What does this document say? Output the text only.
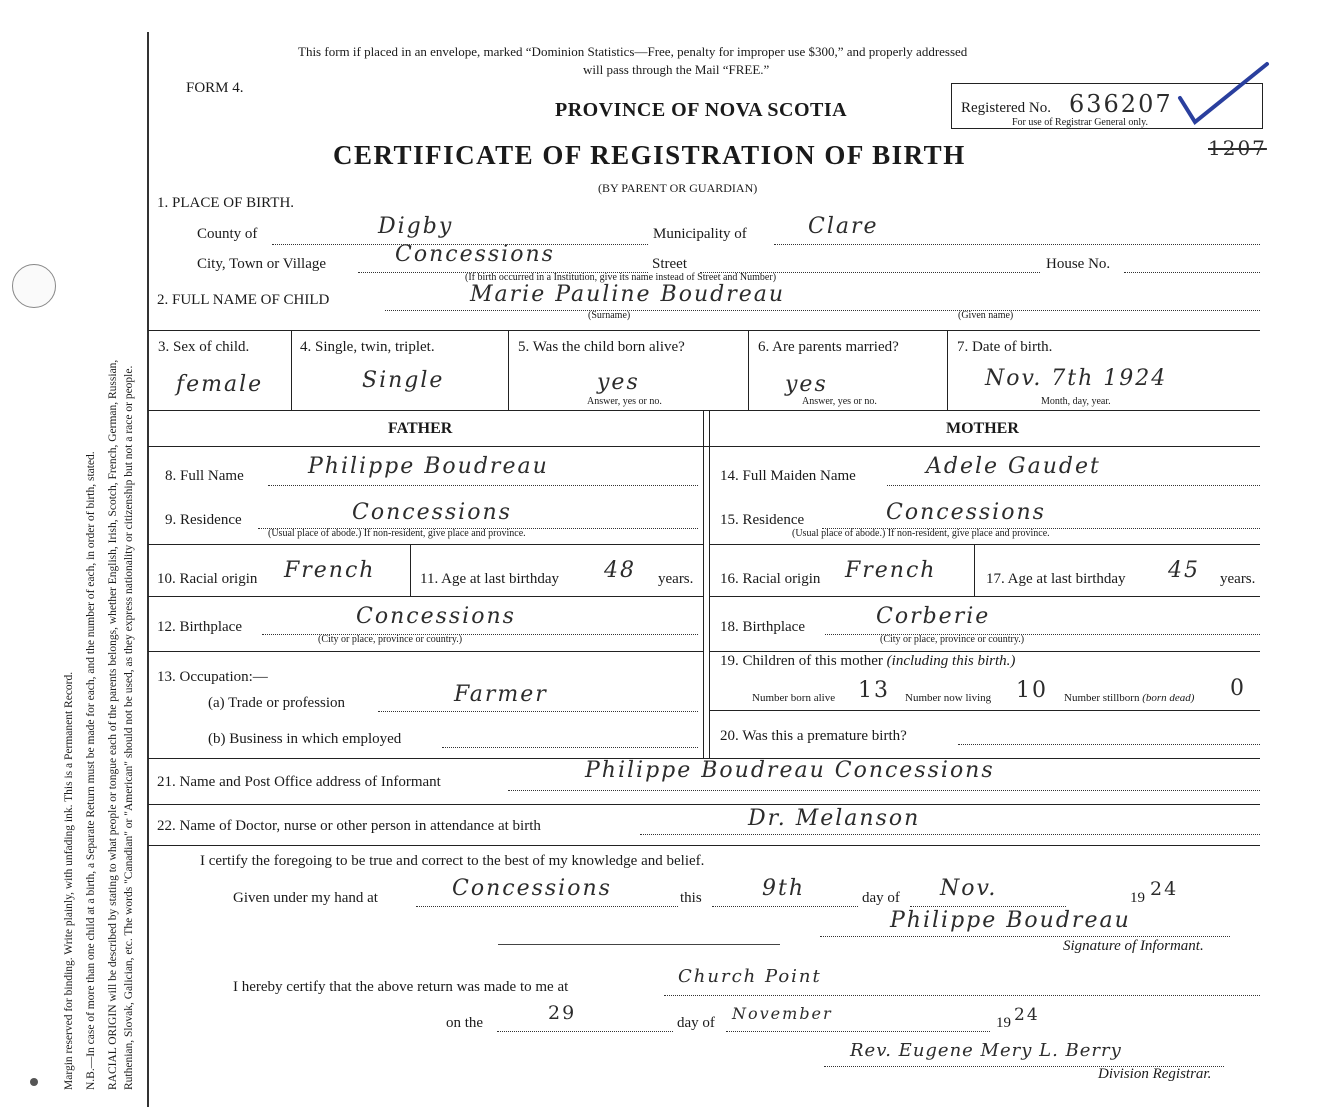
Margin reserved for binding. Write plainly, with unfading ink. This is a Permanent Record. N.B.—In case of more than one child at a birth, a Separate Return must be made for each, and the number of each, in order of birth, stated. RACIAL ORIGIN will be described by stating to what people or tongue each of the parents belongs, whether English, Irish, Scotch, French, German, Russian, Ruthenian, Slovak, Galician, etc. The words "Canadian" or "American" should not be used, as they express nationality or citizenship but not a race or people.
This form if placed in an envelope, marked “Dominion Statistics—Free, penalty for improper use $300,” and properly addressed
will pass through the Mail “FREE.”
FORM 4.
PROVINCE OF NOVA SCOTIA
CERTIFICATE OF REGISTRATION OF BIRTH
(BY PARENT OR GUARDIAN)
Registered No. 636207
For use of Registrar General only.
1207
1. PLACE OF BIRTH.
County of	Digby	Municipality of	Clare
City, Town or Village	Concessions	Street	House No.
(If birth occurred in a Institution, give its name instead of Street and Number)
2. FULL NAME OF CHILD	Marie Pauline Boudreau
(Surname)	(Given name)
3. Sex of child.
female
4. Single, twin, triplet.
Single
5. Was the child born alive?
yes
Answer, yes or no.
6. Are parents married?
yes
Answer, yes or no.
7. Date of birth.
Nov. 7th 1924
Month, day, year.
FATHER	MOTHER
8. Full Name	Philippe Boudreau
9. Residence	Concessions
(Usual place of abode.) If non-resident, give place and province.
10. Racial origin French	11. Age at last birthday 48 years.
12. Birthplace	Concessions
(City or place, province or country.)
13. Occupation:—
(a) Trade or profession	Farmer
(b) Business in which employed
14. Full Maiden Name	Adele Gaudet
15. Residence	Concessions
(Usual place of abode.) If non-resident, give place and province.
16. Racial origin French	17. Age at last birthday 45 years.
18. Birthplace	Corberie
(City or place, province or country.)
19. Children of this mother (including this birth.)
Number born alive 13 Number now living 10 Number stillborn (born dead) 0
20. Was this a premature birth?
21. Name and Post Office address of Informant	Philippe Boudreau Concessions
22. Name of Doctor, nurse or other person in attendance at birth	Dr. Melanson
I certify the foregoing to be true and correct to the best of my knowledge and belief.
Given under my hand at	Concessions	this	9th	day of Nov.	19 24
Philippe Boudreau
Signature of Informant.
I hereby certify that the above return was made to me at	Church Point
on the	29	day of November	19 24
Rev. Eugene Mery L. Berry
Division Registrar.
